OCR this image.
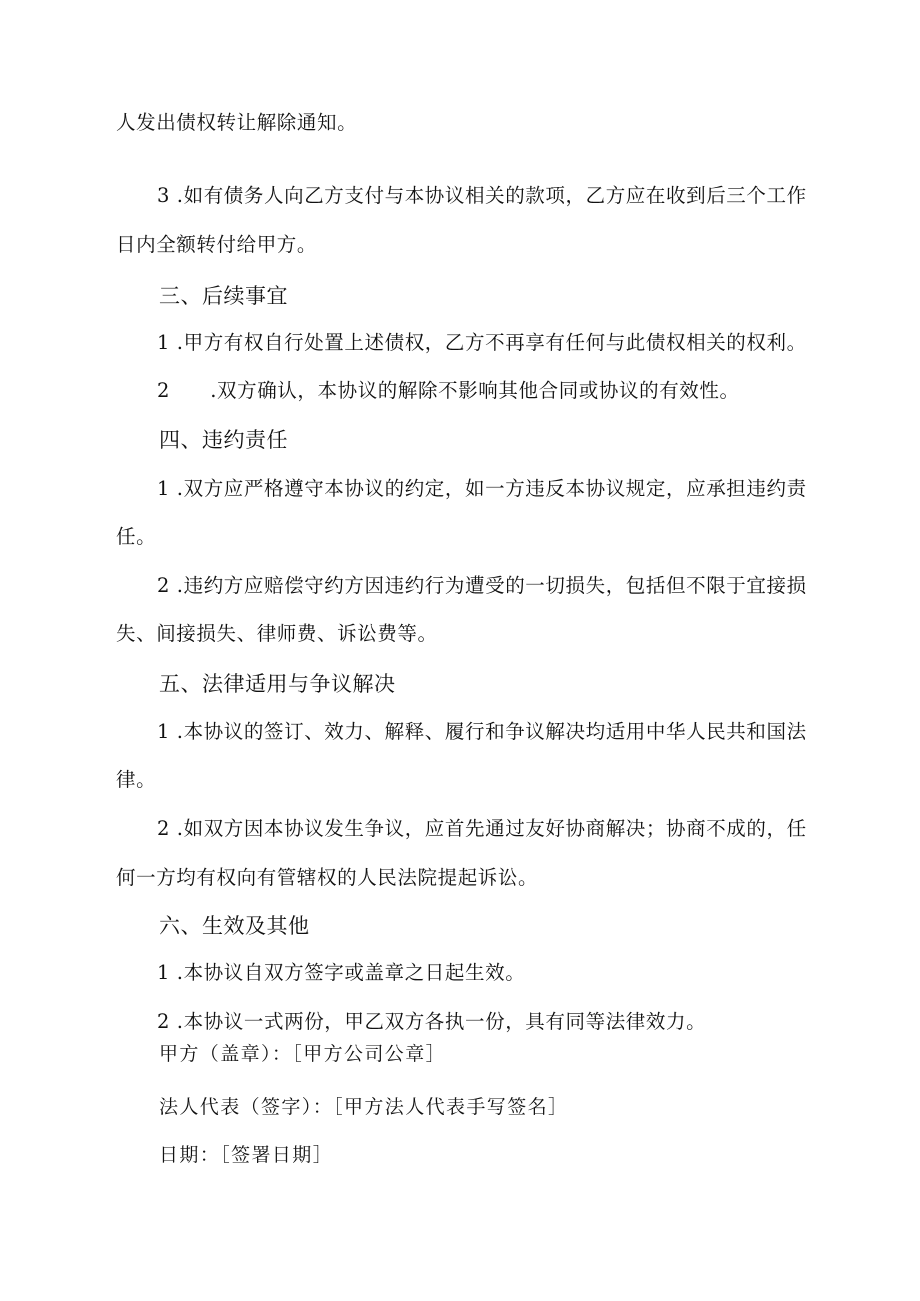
人发出债权转让解除通知。
3 .如有债务人向乙方支付与本协议相关的款项，乙方应在收到后三个工作
日内全额转付给甲方。
三、后续事宜
1 .甲方有权自行处置上述债权，乙方不再享有任何与此债权相关的权利。
2　　.双方确认，本协议的解除不影响其他合同或协议的有效性。
四、违约责任
1 .双方应严格遵守本协议的约定，如一方违反本协议规定，应承担违约责
任。
2 .违约方应赔偿守约方因违约行为遭受的一切损失，包括但不限于宜接损
失、间接损失、律师费、诉讼费等。
五、法律适用与争议解决
1 .本协议的签订、效力、解释、履行和争议解决均适用中华人民共和国法
律。
2 .如双方因本协议发生争议，应首先通过友好协商解决；协商不成的，任
何一方均有权向有管辖权的人民法院提起诉讼。
六、生效及其他
1 .本协议自双方签字或盖章之日起生效。
2 .本协议一式两份，甲乙双方各执一份，具有同等法律效力。
甲方（盖章）：［甲方公司公章］
法人代表（签字）：［甲方法人代表手写签名］
日期：［签署日期］
